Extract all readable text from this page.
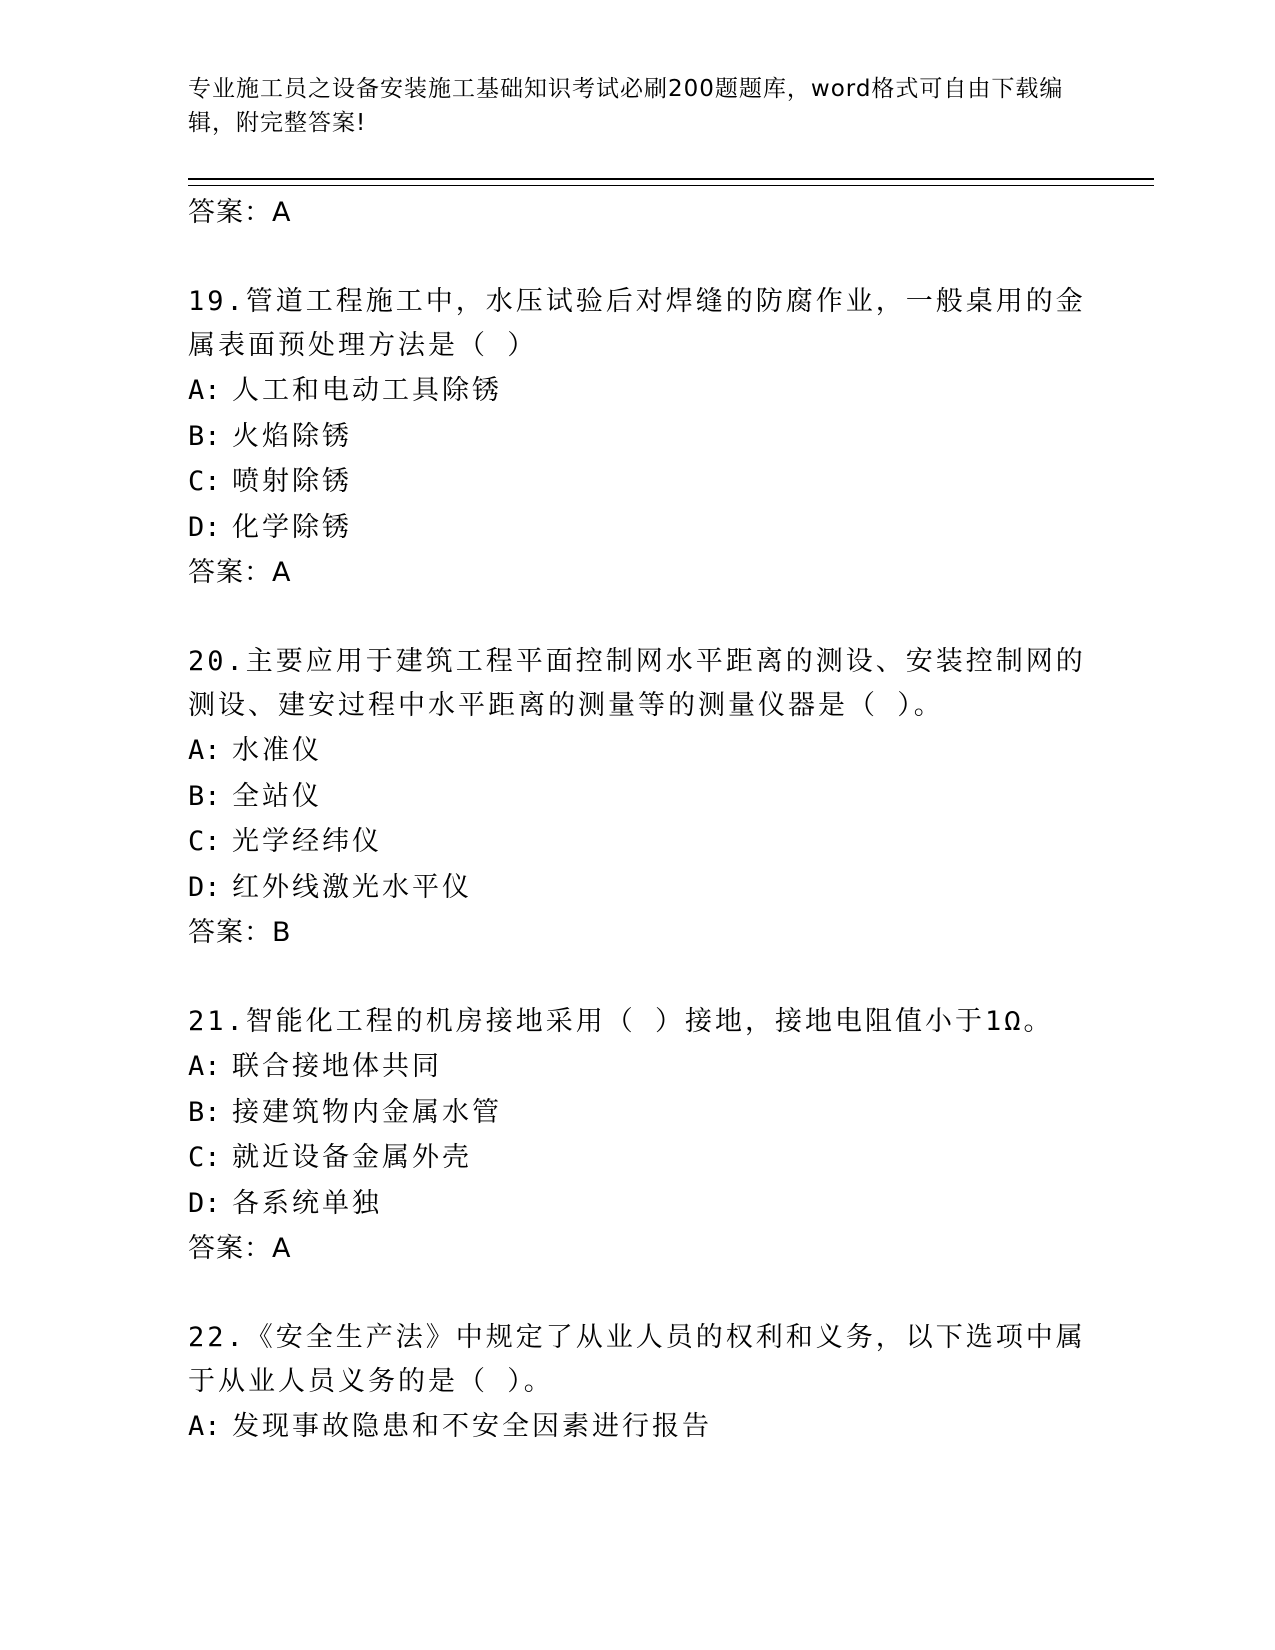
专业施工员之设备安装施工基础知识考试必刷200题题库，word格式可自由下载编辑，附完整答案!
答案：A
19.管道工程施工中，水压试验后对焊缝的防腐作业，一般桌用的金属表面预处理方法是（ ）
A: 人工和电动工具除锈
B: 火焰除锈
C: 喷射除锈
D: 化学除锈
答案：A
20.主要应用于建筑工程平面控制网水平距离的测设、安装控制网的测设、建安过程中水平距离的测量等的测量仪器是（ ）。
A: 水准仪
B: 全站仪
C: 光学经纬仪
D: 红外线激光水平仪
答案：B
21.智能化工程的机房接地采用（ ）接地，接地电阻值小于1Ω。
A: 联合接地体共同
B: 接建筑物内金属水管
C: 就近设备金属外壳
D: 各系统单独
答案：A
22.《安全生产法》中规定了从业人员的权利和义务，以下选项中属于从业人员义务的是（ ）。
A: 发现事故隐患和不安全因素进行报告
